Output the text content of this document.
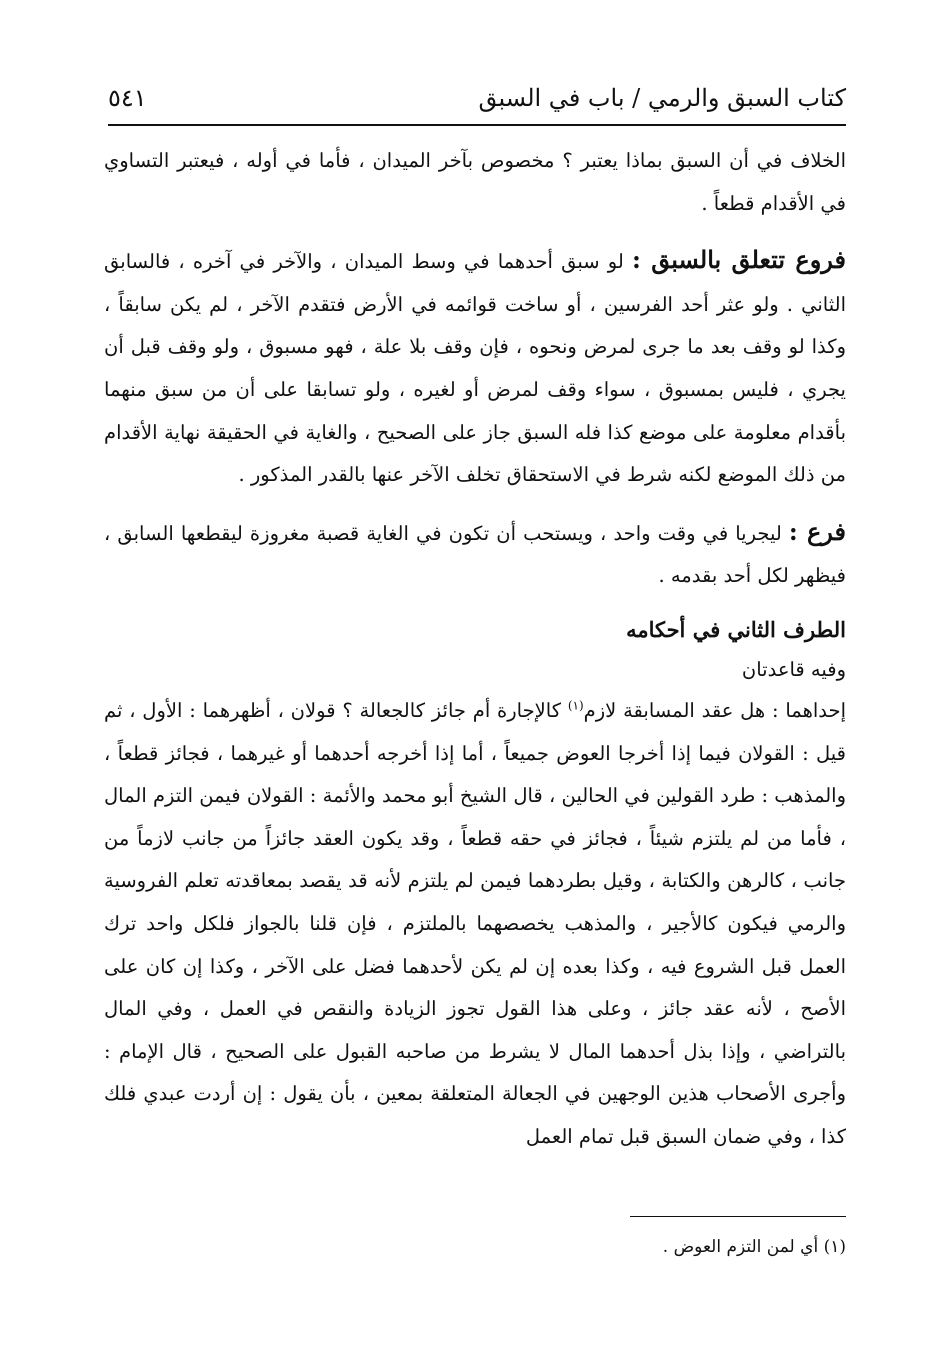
كتاب السبق والرمي / باب في السبق
٥٤١

الخلاف في أن السبق بماذا يعتبر ؟ مخصوص بآخر الميدان ، فأما في أوله ، فيعتبر التساوي في الأقدام قطعاً .

فروع تتعلق بالسبق : لو سبق أحدهما في وسط الميدان ، والآخر في آخره ، فالسابق الثاني . ولو عثر أحد الفرسين ، أو ساخت قوائمه في الأرض فتقدم الآخر ، لم يكن سابقاً ، وكذا لو وقف بعد ما جرى لمرض ونحوه ، فإن وقف بلا علة ، فهو مسبوق ، ولو وقف قبل أن يجري ، فليس بمسبوق ، سواء وقف لمرض أو لغيره ، ولو تسابقا على أن من سبق منهما بأقدام معلومة على موضع كذا فله السبق جاز على الصحيح ، والغاية في الحقيقة نهاية الأقدام من ذلك الموضع لكنه شرط في الاستحقاق تخلف الآخر عنها بالقدر المذكور .

فرع : ليجريا في وقت واحد ، ويستحب أن تكون في الغاية قصبة مغروزة ليقطعها السابق ، فيظهر لكل أحد بقدمه .

الطرف الثاني في أحكامه

وفيه قاعدتان

إحداهما : هل عقد المسابقة لازم$^{(١)}$ كالإجارة أم جائز كالجعالة ؟ قولان ، أظهرهما : الأول ، ثم قيل : القولان فيما إذا أخرجا العوض جميعاً ، أما إذا أخرجه أحدهما أو غيرهما ، فجائز قطعاً ، والمذهب : طرد القولين في الحالين ، قال الشيخ أبو محمد والأئمة : القولان فيمن التزم المال ، فأما من لم يلتزم شيئاً ، فجائز في حقه قطعاً ، وقد يكون العقد جائزاً من جانب لازماً من جانب ، كالرهن والكتابة ، وقيل بطردهما فيمن لم يلتزم لأنه قد يقصد بمعاقدته تعلم الفروسية والرمي فيكون كالأجير ، والمذهب يخصصهما بالملتزم ، فإن قلنا بالجواز فلكل واحد ترك العمل قبل الشروع فيه ، وكذا بعده إن لم يكن لأحدهما فضل على الآخر ، وكذا إن كان على الأصح ، لأنه عقد جائز ، وعلى هذا القول تجوز الزيادة والنقص في العمل ، وفي المال بالتراضي ، وإذا بذل أحدهما المال لا يشرط من صاحبه القبول على الصحيح ، قال الإمام : وأجرى الأصحاب هذين الوجهين في الجعالة المتعلقة بمعين ، بأن يقول : إن أردت عبدي فلك كذا ، وفي ضمان السبق قبل تمام العمل

(١) أي لمن التزم العوض .
